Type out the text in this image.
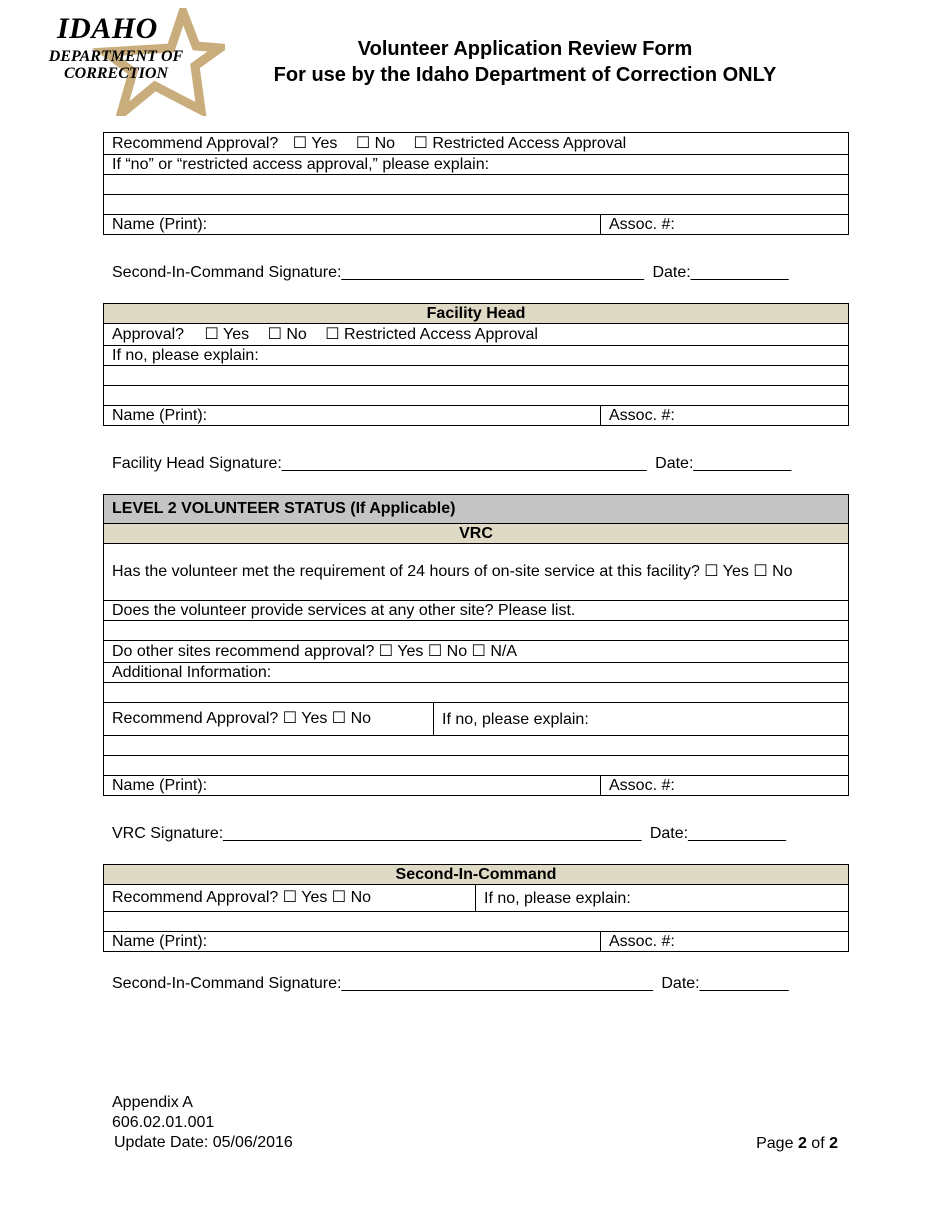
IDAHO
DEPARTMENT OF
CORRECTION
Volunteer Application Review Form
For use by the Idaho Department of Correction ONLY
Recommend Approval? ☐ Yes ☐ No ☐ Restricted Access Approval
If “no” or “restricted access approval,” please explain:

Name (Print):	Assoc. #:
Second-In-Command Signature:__________________________________ Date:___________
Facility Head
Approval? ☐ Yes ☐ No ☐ Restricted Access Approval
If no, please explain:

Name (Print):	Assoc. #:
Facility Head Signature:_________________________________________ Date:___________
LEVEL 2 VOLUNTEER STATUS (If Applicable)		
VRC		
Has the volunteer met the requirement of 24 hours of on-site service at this facility? ☐ Yes ☐ No		
Does the volunteer provide services at any other site? Please list.		

Do other sites recommend approval? ☐ Yes ☐ No ☐ N/A		
Additional Information:		

Recommend Approval? ☐ Yes ☐ No	If no, please explain:	

Name (Print):		Assoc. #:
VRC Signature:_______________________________________________ Date:___________
Second-In-Command		
Recommend Approval? ☐ Yes ☐ No	If no, please explain:	

Name (Print):		Assoc. #:
Second-In-Command Signature:___________________________________ Date:__________
Appendix A
606.02.01.001
Update Date: 05/06/2016	Page 2 of 2
